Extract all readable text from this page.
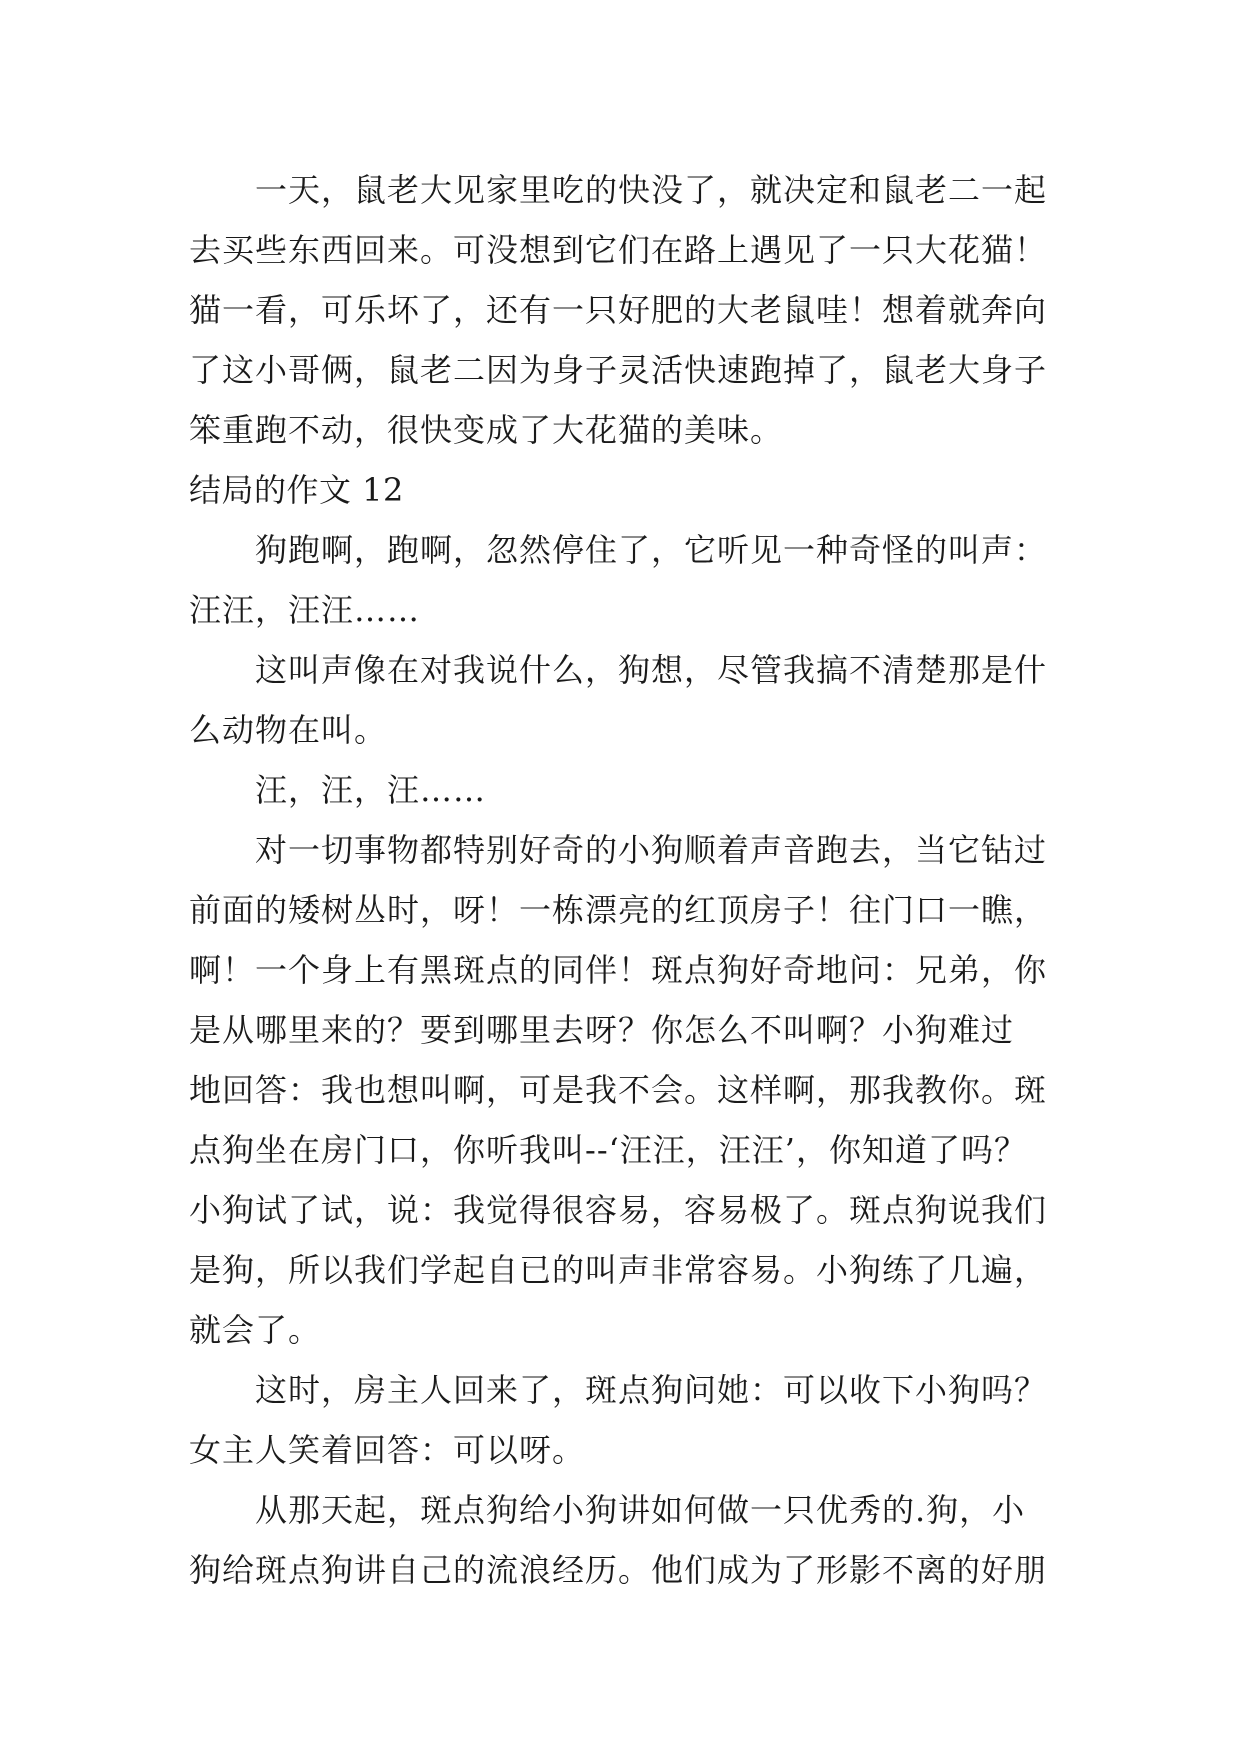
一天，鼠老大见家里吃的快没了，就决定和鼠老二一起
去买些东西回来。可没想到它们在路上遇见了一只大花猫！
猫一看，可乐坏了，还有一只好肥的大老鼠哇！想着就奔向
了这小哥俩，鼠老二因为身子灵活快速跑掉了，鼠老大身子
笨重跑不动，很快变成了大花猫的美味。
结局的作文 12
狗跑啊，跑啊，忽然停住了，它听见一种奇怪的叫声：
汪汪，汪汪……
这叫声像在对我说什么，狗想，尽管我搞不清楚那是什
么动物在叫。
汪，汪，汪……
对一切事物都特别好奇的小狗顺着声音跑去，当它钻过
前面的矮树丛时，呀！一栋漂亮的红顶房子！往门口一瞧，
啊！一个身上有黑斑点的同伴！斑点狗好奇地问：兄弟，你
是从哪里来的？要到哪里去呀？你怎么不叫啊？小狗难过
地回答：我也想叫啊，可是我不会。这样啊，那我教你。斑
点狗坐在房门口，你听我叫--‘汪汪，汪汪’，你知道了吗？
小狗试了试，说：我觉得很容易，容易极了。斑点狗说我们
是狗，所以我们学起自已的叫声非常容易。小狗练了几遍，
就会了。
这时，房主人回来了，斑点狗问她：可以收下小狗吗？
女主人笑着回答：可以呀。
从那天起，斑点狗给小狗讲如何做一只优秀的.狗，小
狗给斑点狗讲自己的流浪经历。他们成为了形影不离的好朋
